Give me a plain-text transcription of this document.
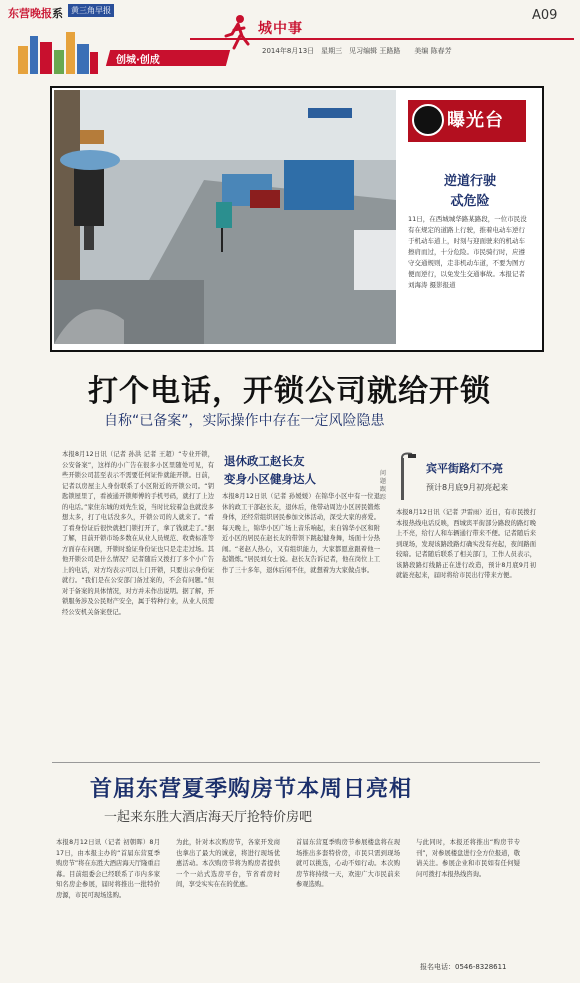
东营晚报系	黄三角早报
城中事
A09
创城·创成
2014年8月13日　星期三　见习编辑 王路路　　美编 陈春芳
曝光台
逆道行驶
忒危险
11日，在西城城华路某路段，一位市民没有在规定的道路上行驶，推着电动车逆行于机动车道上，时刻与迎面驶来的机动车擦肩而过，十分危险。市民骑行时，应遵守交通规则，走非机动车道，不要为图方便而逆行，以免发生交通事故。本报记者 刘海涛 摄影报道
打个电话，开锁公司就给开锁
自称“已备案”，实际操作中存在一定风险隐患
本报8月12日讯（记者 孙洪 记者 王超）“专业开锁，公安备案”，这样的小广告在很多小区里随处可见，有些开锁公司甚至表示不需要任何证件就能开锁。日前，记者以房屋主人身份联系了小区附近的开锁公司。“钥匙锁屋里了，看被通开锁师傅的手机号码，就打了上边的电话。”家住东城的刘先生说，当时比较着急也就没多想太多，打了电话没多久，开锁公司的人就来了。“看了看身份证后很快就把门锁打开了，拿了钱就走了。”据了解，目前开锁市场多数在从业人员规范、收费标准等方面存在问题，开锁时验证身份证也只是走走过场。其他开锁公司是什么情况？记者随后又拨打了多个小广告上的电话，对方均表示可以上门开锁，只要出示身份证就行。“我们是在公安部门备过案的，不会有问题。”但对于备案的具体情况，对方并未作出说明。据了解，开锁服务涉及公民财产安全，属于特种行业，从业人员需经公安机关备案登记。
退休政工赵长友
变身小区健身达人
本报8月12日讯（记者 孙媛媛）在锦华小区中有一位退休的政工干部赵长友，退休后，他带动周边小区居民锻炼身体，还经常组织居民参加文体活动，深受大家的喜爱。每天晚上，锦华小区广场上音乐响起，来自锦华小区和附近小区的居民在赵长友的带领下跳起健身舞，场面十分热闹。“老赵人热心，又有组织能力，大家都愿意跟着他一起锻炼。”居民刘女士说。赵长友告诉记者，他在岗位上工作了三十多年，退休后闲不住，就想着为大家做点事。
问题跟踪
宾平街路灯不亮
预计8月底9月初亮起来
本报8月12日讯（记者 尹雷雨）近日，有市民拨打本报热线电话反映，西城宾平街部分路段的路灯晚上不亮，给行人和车辆通行带来不便。记者随后来到现场，发现该路段路灯确实没有亮起，夜间路面较暗。记者随后联系了相关部门，工作人员表示，该路段路灯线路正在进行改造，预计8月底9月初就能亮起来，届时将给市民出行带来方便。
首届东营夏季购房节本周日亮相
一起来东胜大酒店海天厅抢特价房吧
本报8月12日讯（记者 初朝晖）8月17日，由本报主办的“首届东营夏季购房节”将在东胜大酒店海天厅隆重启幕。目前组委会已经联系了市内多家知名房企参展，届时将推出一批特价房源，市民可现场选购。
为此，针对本次购房节，各家开发商也拿出了最大的诚意，将进行现场优惠活动。本次购房节将为购房者提供一个一站式选房平台，节省看房时间，享受实实在在的优惠。
首届东营夏季购房节参展楼盘将在现场推出多套特价房，市民只需到现场就可以挑选，心动不如行动。本次购房节将持续一天，欢迎广大市民前来参观选购。
与此同时，本报还将推出“购房节专刊”，对参展楼盘进行全方位报道，敬请关注。参展企业和市民如有任何疑问可拨打本报热线咨询。
报名电话：0546-8328611
